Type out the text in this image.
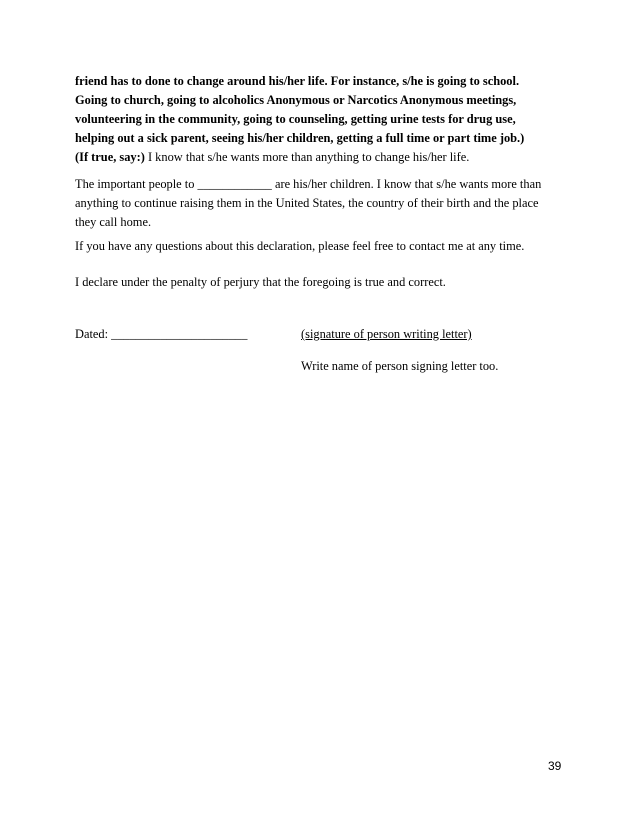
friend has to done to change around his/her life. For instance, s/he is going to school.
Going to church, going to alcoholics Anonymous or Narcotics Anonymous meetings,
volunteering in the community, going to counseling, getting urine tests for drug use,
helping out a sick parent, seeing his/her children, getting a full time or part time job.)
(If true, say:) I know that s/he wants more than anything to change his/her life.
The important people to ____________ are his/her children. I know that s/he wants more than
anything to continue raising them in the United States, the country of their birth and the place
they call home.
If you have any questions about this declaration, please feel free to contact me at any time.
I declare under the penalty of perjury that the foregoing is true and correct.
Dated: ______________________	(signature of person writing letter)
Write name of person signing letter too.
39
